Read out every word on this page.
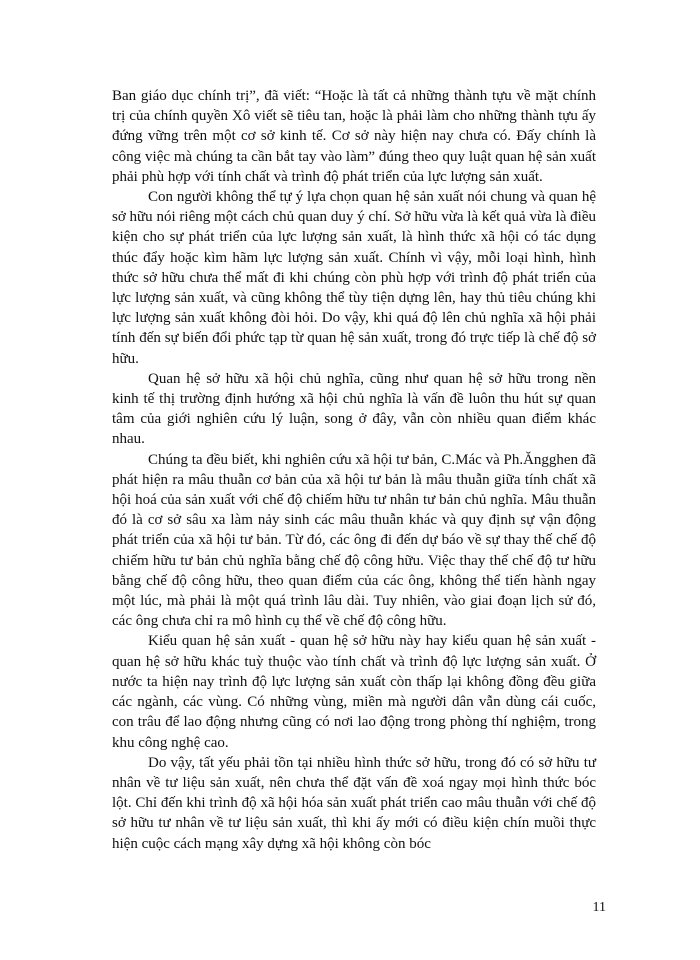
Ban giáo dục chính trị”, đã viết: “Hoặc là tất cả những thành tựu về mặt chính trị của chính quyền Xô viết sẽ tiêu tan, hoặc là phải làm cho những thành tựu ấy đứng vững trên một cơ sở kinh tế. Cơ sở này hiện nay chưa có. Đấy chính là công việc mà chúng ta cần bắt tay vào làm” đúng theo quy luật quan hệ sản xuất phải phù hợp với tính chất và trình độ phát triển của lực lượng sản xuất.

Con người không thể tự ý lựa chọn quan hệ sản xuất nói chung và quan hệ sở hữu nói riêng một cách chủ quan duy ý chí. Sở hữu vừa là kết quả vừa là điều kiện cho sự phát triển của lực lượng sản xuất, là hình thức xã hội có tác dụng thúc đẩy hoặc kìm hãm lực lượng sản xuất. Chính vì vậy, mỗi loại hình, hình thức sở hữu chưa thể mất đi khi chúng còn phù hợp với trình độ phát triển của lực lượng sản xuất, và cũng không thể tùy tiện dựng lên, hay thủ tiêu chúng khi lực lượng sản xuất không đòi hỏi. Do vậy, khi quá độ lên chủ nghĩa xã hội phải tính đến sự biến đổi phức tạp từ quan hệ sản xuất, trong đó trực tiếp là chế độ sở hữu.

Quan hệ sở hữu xã hội chủ nghĩa, cũng như quan hệ sở hữu trong nền kinh tế thị trường định hướng xã hội chủ nghĩa là vấn đề luôn thu hút sự quan tâm của giới nghiên cứu lý luận, song ở đây, vẫn còn nhiều quan điểm khác nhau.

Chúng ta đều biết, khi nghiên cứu xã hội tư bản, C.Mác và Ph.Ăngghen đã phát hiện ra mâu thuẫn cơ bản của xã hội tư bản là mâu thuẫn giữa tính chất xã hội hoá của sản xuất với chế độ chiếm hữu tư nhân tư bản chủ nghĩa. Mâu thuẫn đó là cơ sở sâu xa làm nảy sinh các mâu thuẫn khác và quy định sự vận động phát triển của xã hội tư bản. Từ đó, các ông đi đến dự báo về sự thay thế chế độ chiếm hữu tư bản chủ nghĩa bằng chế độ công hữu. Việc thay thế chế độ tư hữu bằng chế độ công hữu, theo quan điểm của các ông, không thể tiến hành ngay một lúc, mà phải là một quá trình lâu dài. Tuy nhiên, vào giai đoạn lịch sử đó, các ông chưa chỉ ra mô hình cụ thể về chế độ công hữu.

Kiểu quan hệ sản xuất - quan hệ sở hữu này hay kiểu quan hệ sản xuất - quan hệ sở hữu khác tuỳ thuộc vào tính chất và trình độ lực lượng sản xuất. Ở nước ta hiện nay trình độ lực lượng sản xuất còn thấp lại không đồng đều giữa các ngành, các vùng. Có những vùng, miền mà người dân vẫn dùng cái cuốc, con trâu để lao động nhưng cũng có nơi lao động trong phòng thí nghiệm, trong khu công nghệ cao.

Do vậy, tất yếu phải tồn tại nhiều hình thức sở hữu, trong đó có sở hữu tư nhân về tư liệu sản xuất, nên chưa thể đặt vấn đề xoá ngay mọi hình thức bóc lột. Chỉ đến khi trình độ xã hội hóa sản xuất phát triển cao mâu thuẫn với chế độ sở hữu tư nhân về tư liệu sản xuất, thì khi ấy mới có điều kiện chín muồi thực hiện cuộc cách mạng xây dựng xã hội không còn bóc

11
